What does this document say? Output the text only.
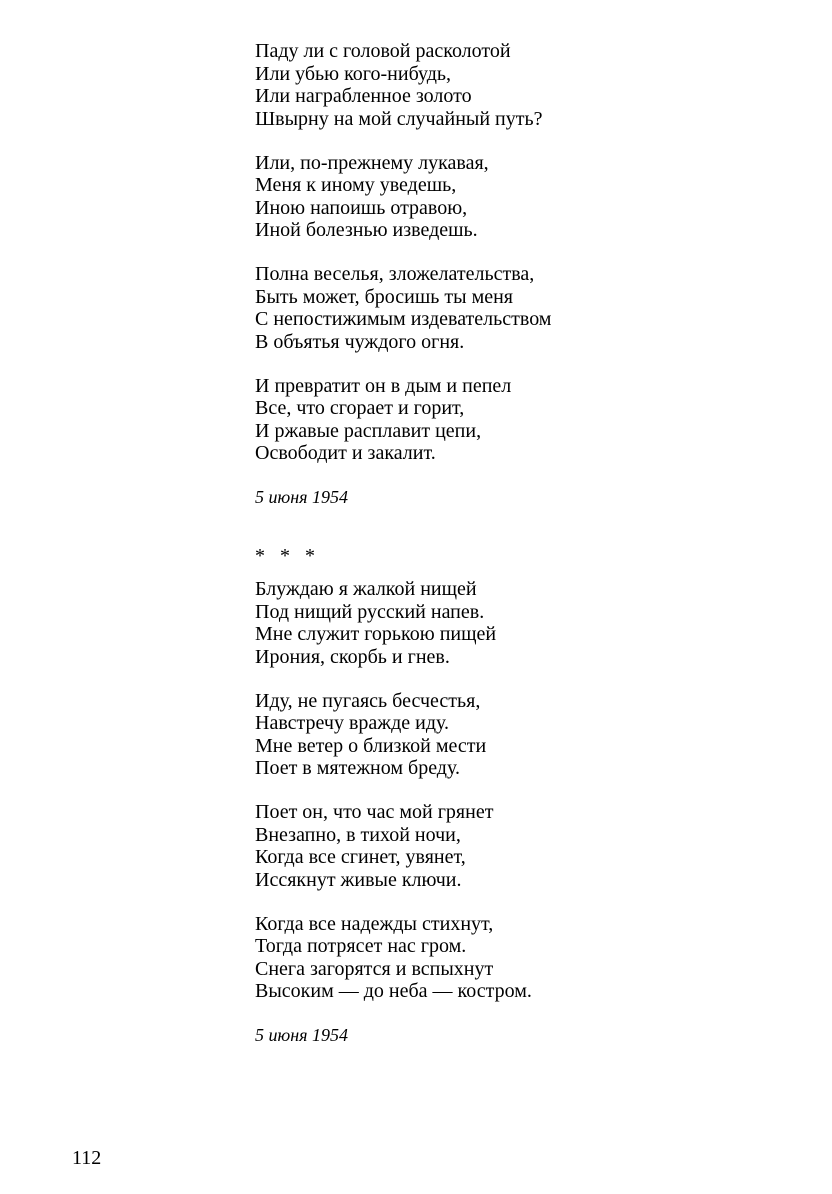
Паду ли с головой расколотой
Или убью кого-нибудь,
Или награбленное золото
Швырну на мой случайный путь?
Или, по-прежнему лукавая,
Меня к иному уведешь,
Иною напоишь отравою,
Иной болезнью изведешь.
Полна веселья, зложелательства,
Быть может, бросишь ты меня
С непостижимым издевательством
В объятья чуждого огня.
И превратит он в дым и пепел
Все, что сгорает и горит,
И ржавые расплавит цепи,
Освободит и закалит.
5 июня 1954
* * *
Блуждаю я жалкой нищей
Под нищий русский напев.
Мне служит горькою пищей
Ирония, скорбь и гнев.
Иду, не пугаясь бесчестья,
Навстречу вражде иду.
Мне ветер о близкой мести
Поет в мятежном бреду.
Поет он, что час мой грянет
Внезапно, в тихой ночи,
Когда все сгинет, увянет,
Иссякнут живые ключи.
Когда все надежды стихнут,
Тогда потрясет нас гром.
Снега загорятся и вспыхнут
Высоким — до неба — костром.
5 июня 1954
112
